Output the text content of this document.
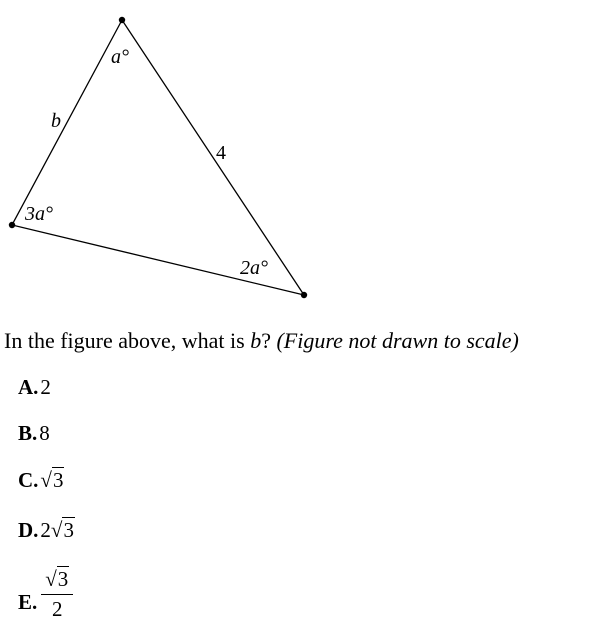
a°
3a°
2a°
b
4
In the figure above, what is b? (Figure not drawn to scale)
A.2
B.8
C.√3
D.2√3
E. $\frac{√3}{2}$
